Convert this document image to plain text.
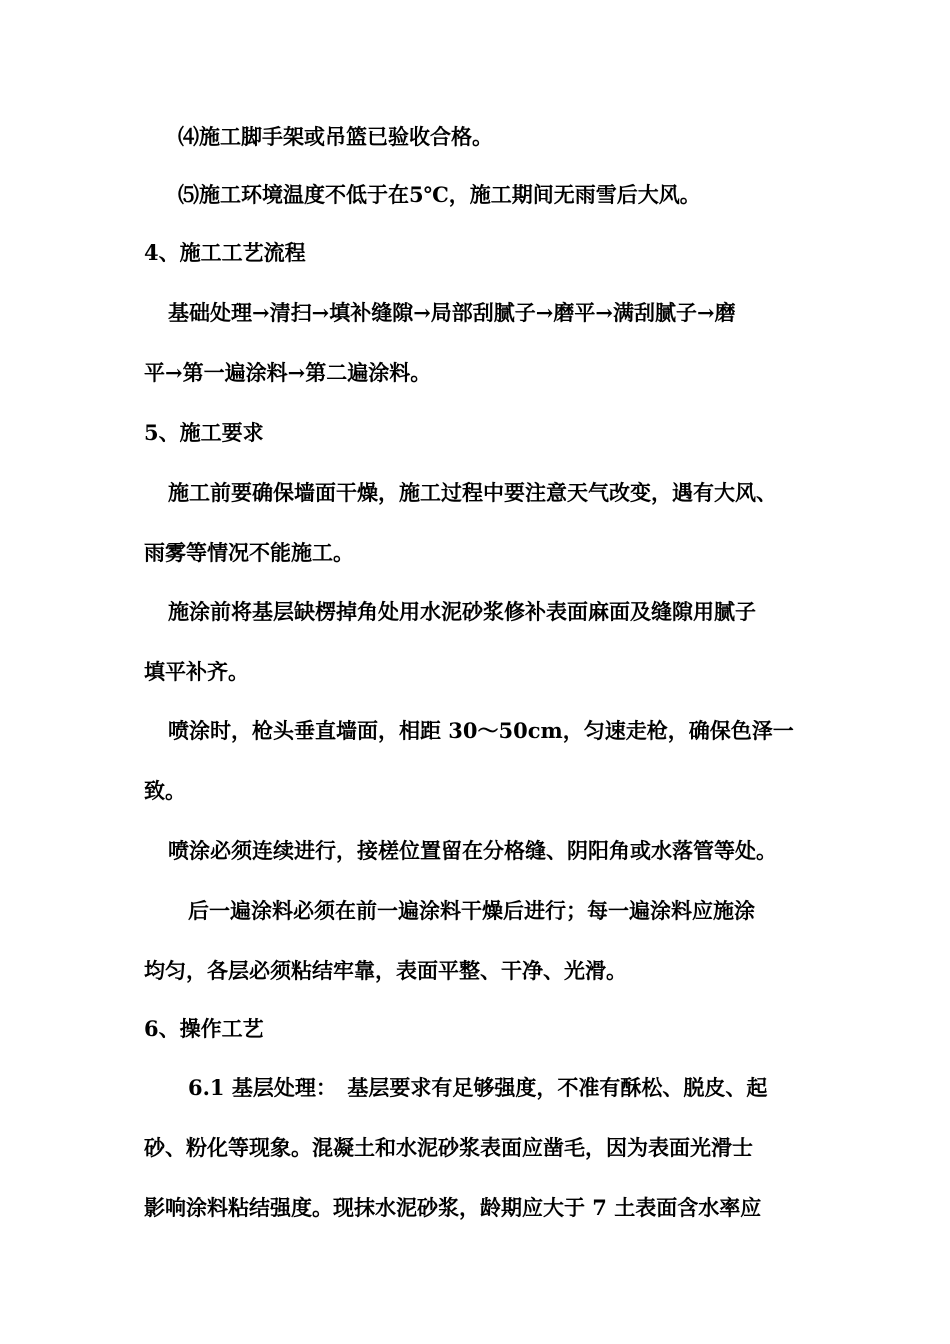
⑷施工脚手架或吊篮已验收合格。
⑸施工环境温度不低于在5℃，施工期间无雨雪后大风。
4、施工工艺流程
基础处理→清扫→填补缝隙→局部刮腻子→磨平→满刮腻子→磨
平→第一遍涂料→第二遍涂料。
5、施工要求
施工前要确保墙面干燥，施工过程中要注意天气改变，遇有大风、
雨雾等情况不能施工。
施涂前将基层缺楞掉角处用水泥砂浆修补表面麻面及缝隙用腻子
填平补齐。
喷涂时，枪头垂直墙面，相距 30～50cm，匀速走枪，确保色泽一
致。
喷涂必须连续进行，接槎位置留在分格缝、阴阳角或水落管等处。
后一遍涂料必须在前一遍涂料干燥后进行；每一遍涂料应施涂
均匀，各层必须粘结牢靠，表面平整、干净、光滑。
6、操作工艺
6.1 基层处理：　基层要求有足够强度，不准有酥松、脱皮、起
砂、粉化等现象。混凝土和水泥砂浆表面应凿毛，因为表面光滑士
影响涂料粘结强度。现抹水泥砂浆，龄期应大于 7 土表面含水率应
